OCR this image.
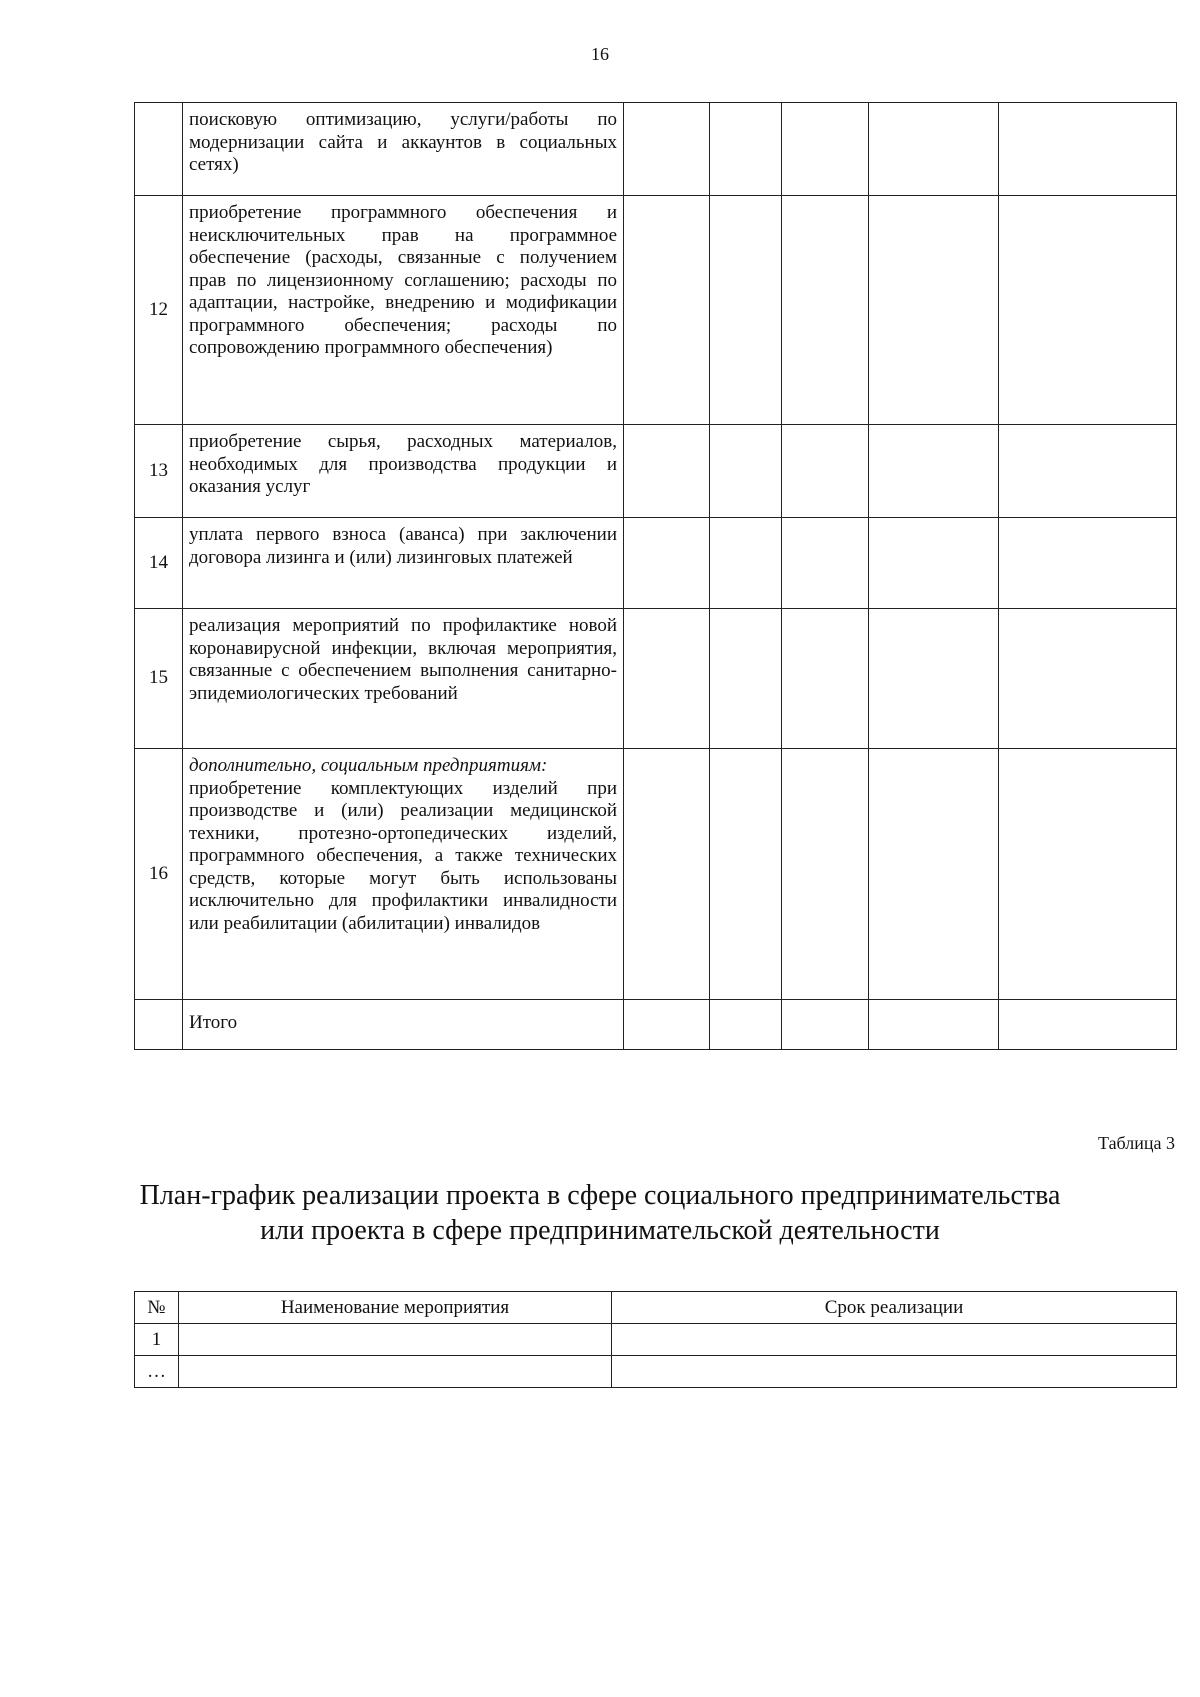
16
	поисковую оптимизацию, услуги/работы по модернизации сайта и аккаунтов в социальных сетях)					
12	приобретение программного обеспечения и неисключительных прав на программное обеспечение (расходы, связанные с получением прав по лицензионному соглашению; расходы по адаптации, настройке, внедрению и модификации программного обеспечения; расходы по сопровождению программного обеспечения)					
13	приобретение сырья, расходных материалов, необходимых для производства продукции и оказания услуг					
14	уплата первого взноса (аванса) при заключении договора лизинга и (или) лизинговых платежей					
15	реализация мероприятий по профилактике новой коронавирусной инфекции, включая мероприятия, связанные с обеспечением выполнения санитарно-эпидемиологических требований					
16	дополнительно, социальным предприятиям:
приобретение комплектующих изделий при производстве и (или) реализации медицинской техники, протезно-ортопедических изделий, программного обеспечения, а также технических средств, которые могут быть использованы исключительно для профилактики инвалидности или реабилитации (абилитации) инвалидов					
	Итого					
Таблица 3
План-график реализации проекта в сфере социального предпринимательства
или проекта в сфере предпринимательской деятельности
№	Наименование мероприятия	Срок реализации
1		
…		
